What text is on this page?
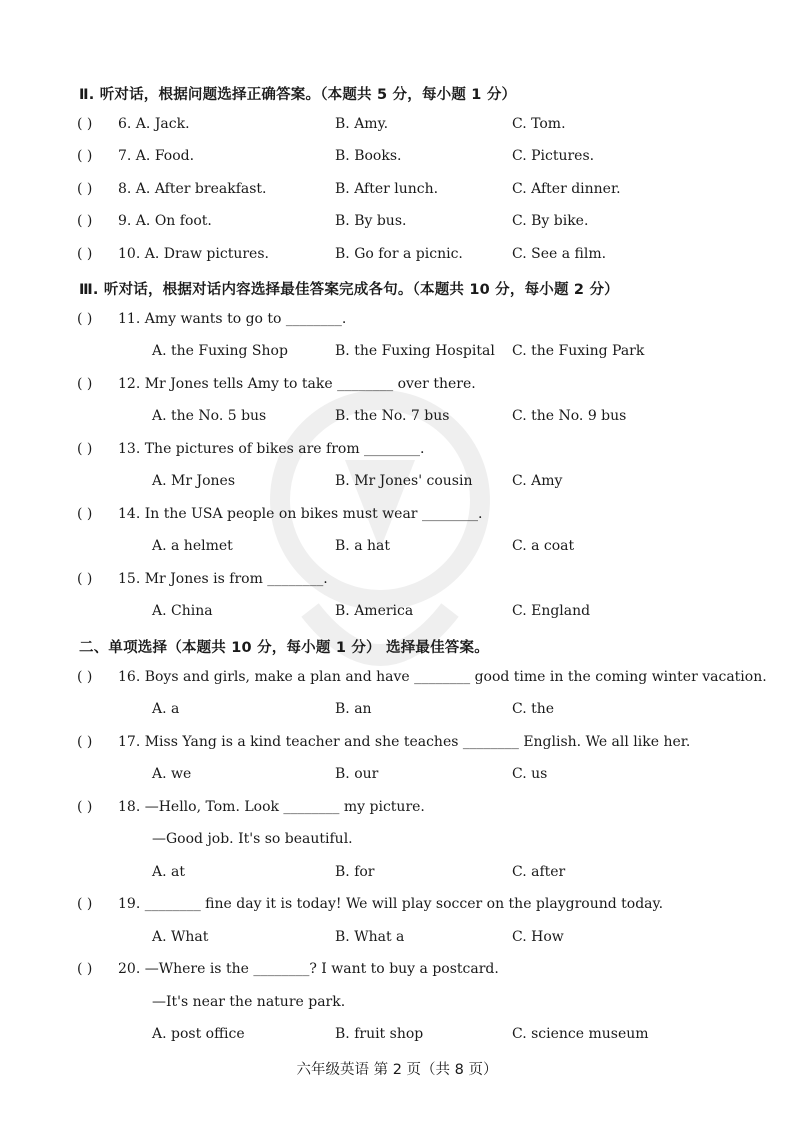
Ⅱ. 听对话，根据问题选择正确答案。（本题共 5 分，每小题 1 分）
( ) 6. A. Jack.	B. Amy.	C. Tom.
( ) 7. A. Food.	B. Books.	C. Pictures.
( ) 8. A. After breakfast.	B. After lunch.	C. After dinner.
( ) 9. A. On foot.	B. By bus.	C. By bike.
( ) 10. A. Draw pictures.	B. Go for a picnic.	C. See a film.
Ⅲ. 听对话，根据对话内容选择最佳答案完成各句。（本题共 10 分，每小题 2 分）
( ) 11. Amy wants to go to ________.
A. the Fuxing Shop	B. the Fuxing Hospital C. the Fuxing Park
( ) 12. Mr Jones tells Amy to take ________ over there.
A. the No. 5 bus	B. the No. 7 bus	C. the No. 9 bus
( ) 13. The pictures of bikes are from ________.
A. Mr Jones	B. Mr Jones' cousin	C. Amy
( ) 14. In the USA people on bikes must wear ________.
A. a helmet	B. a hat	C. a coat
( ) 15. Mr Jones is from ________.
A. China	B. America	C. England
二、单项选择（本题共 10 分，每小题 1 分） 选择最佳答案。
( ) 16. Boys and girls, make a plan and have ________ good time in the coming winter vacation.
A. a	B. an	C. the
( ) 17. Miss Yang is a kind teacher and she teaches ________ English. We all like her.
A. we	B. our	C. us
( ) 18. —Hello, Tom. Look ________ my picture.
—Good job. It's so beautiful.
A. at	B. for	C. after
( ) 19. ________ fine day it is today! We will play soccer on the playground today.
A. What	B. What a	C. How
( ) 20. —Where is the ________? I want to buy a postcard.
—It's near the nature park.
A. post office	B. fruit shop	C. science museum
六年级英语 第 2 页（共 8 页）
